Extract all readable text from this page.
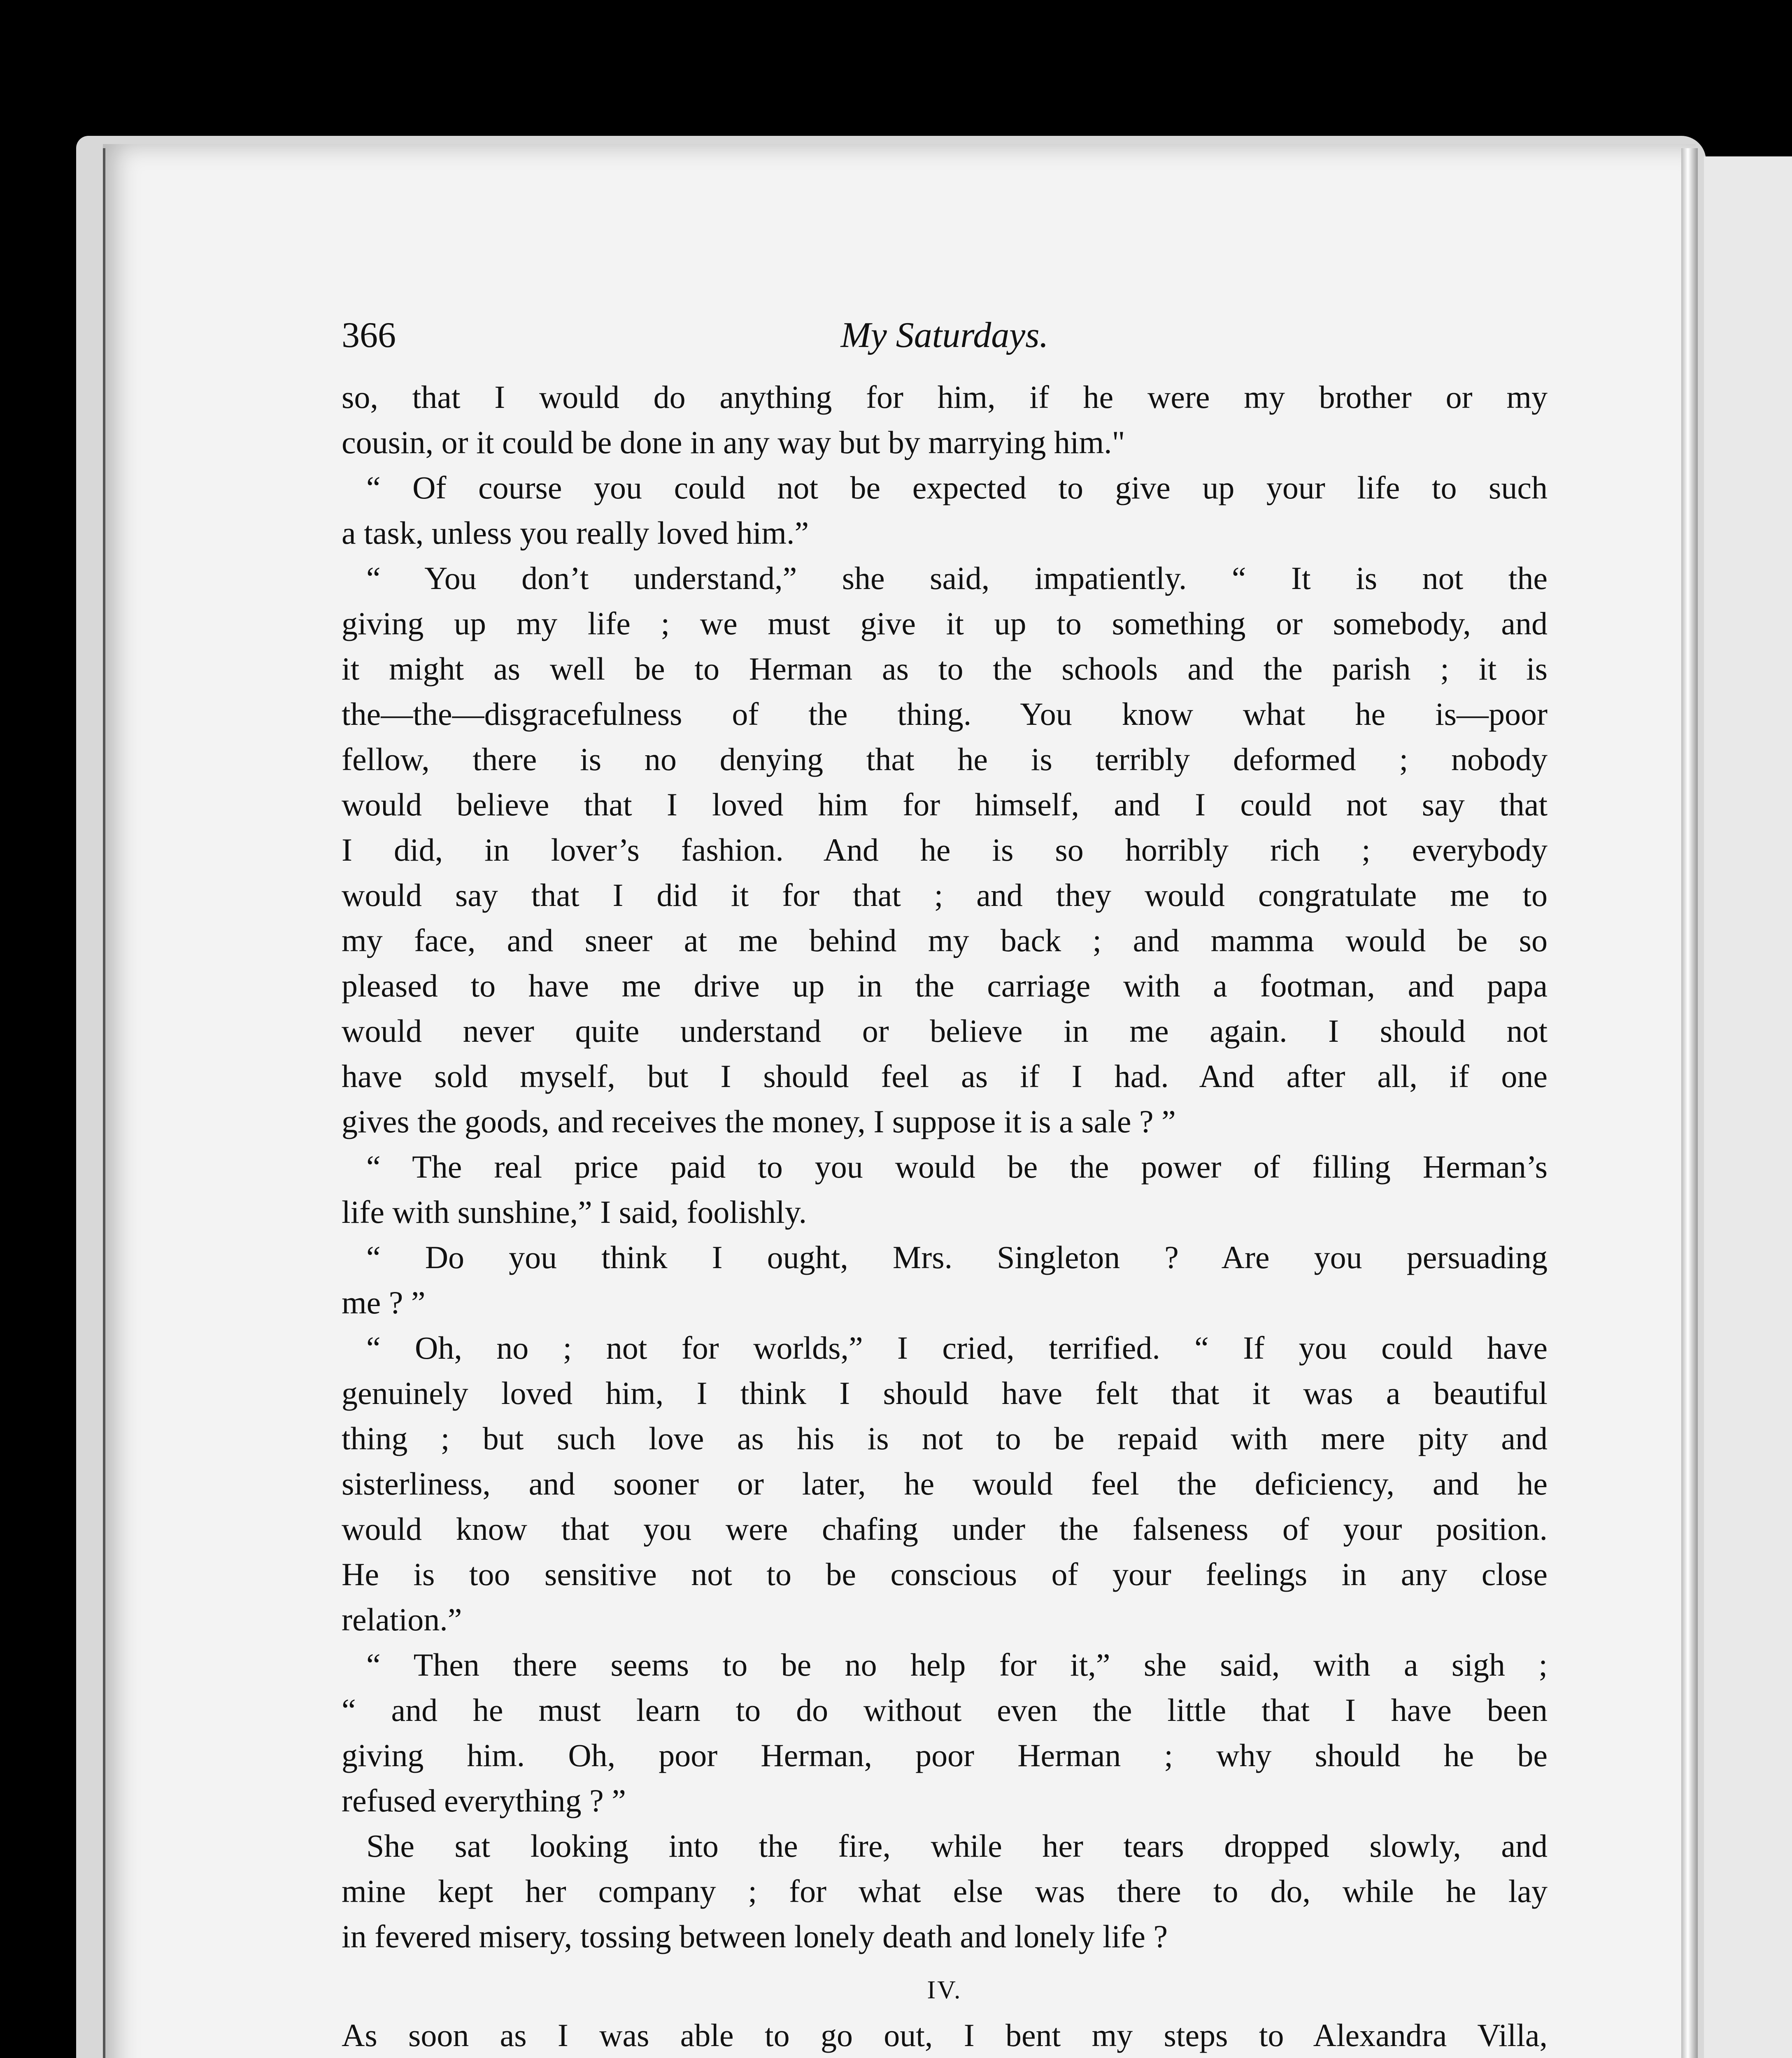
366	My Saturdays.
so, that I would do anything for him, if he were my brother or my
cousin, or it could be done in any way but by marrying him."
“ Of course you could not be expected to give up your life to such
a task, unless you really loved him.”
“ You don’t understand,” she said, impatiently. “ It is not the
giving up my life ; we must give it up to something or somebody, and
it might as well be to Herman as to the schools and the parish ; it is
the—the—disgracefulness of the thing. You know what he is—poor
fellow, there is no denying that he is terribly deformed ; nobody
would believe that I loved him for himself, and I could not say that
I did, in lover’s fashion. And he is so horribly rich ; everybody
would say that I did it for that ; and they would congratulate me to
my face, and sneer at me behind my back ; and mamma would be so
pleased to have me drive up in the carriage with a footman, and papa
would never quite understand or believe in me again. I should not
have sold myself, but I should feel as if I had. And after all, if one
gives the goods, and receives the money, I suppose it is a sale ? ”
“ The real price paid to you would be the power of filling Herman’s
life with sunshine,” I said, foolishly.
“ Do you think I ought, Mrs. Singleton ? Are you persuading
me ? ”
“ Oh, no ; not for worlds,” I cried, terrified. “ If you could have
genuinely loved him, I think I should have felt that it was a beautiful
thing ; but such love as his is not to be repaid with mere pity and
sisterliness, and sooner or later, he would feel the deficiency, and he
would know that you were chafing under the falseness of your position.
He is too sensitive not to be conscious of your feelings in any close
relation.”
“ Then there seems to be no help for it,” she said, with a sigh ;
“ and he must learn to do without even the little that I have been
giving him. Oh, poor Herman, poor Herman ; why should he be
refused everything ? ”
She sat looking into the fire, while her tears dropped slowly, and
mine kept her company ; for what else was there to do, while he lay
in fevered misery, tossing between lonely death and lonely life ?
IV.
As soon as I was able to go out, I bent my steps to Alexandra Villa,
